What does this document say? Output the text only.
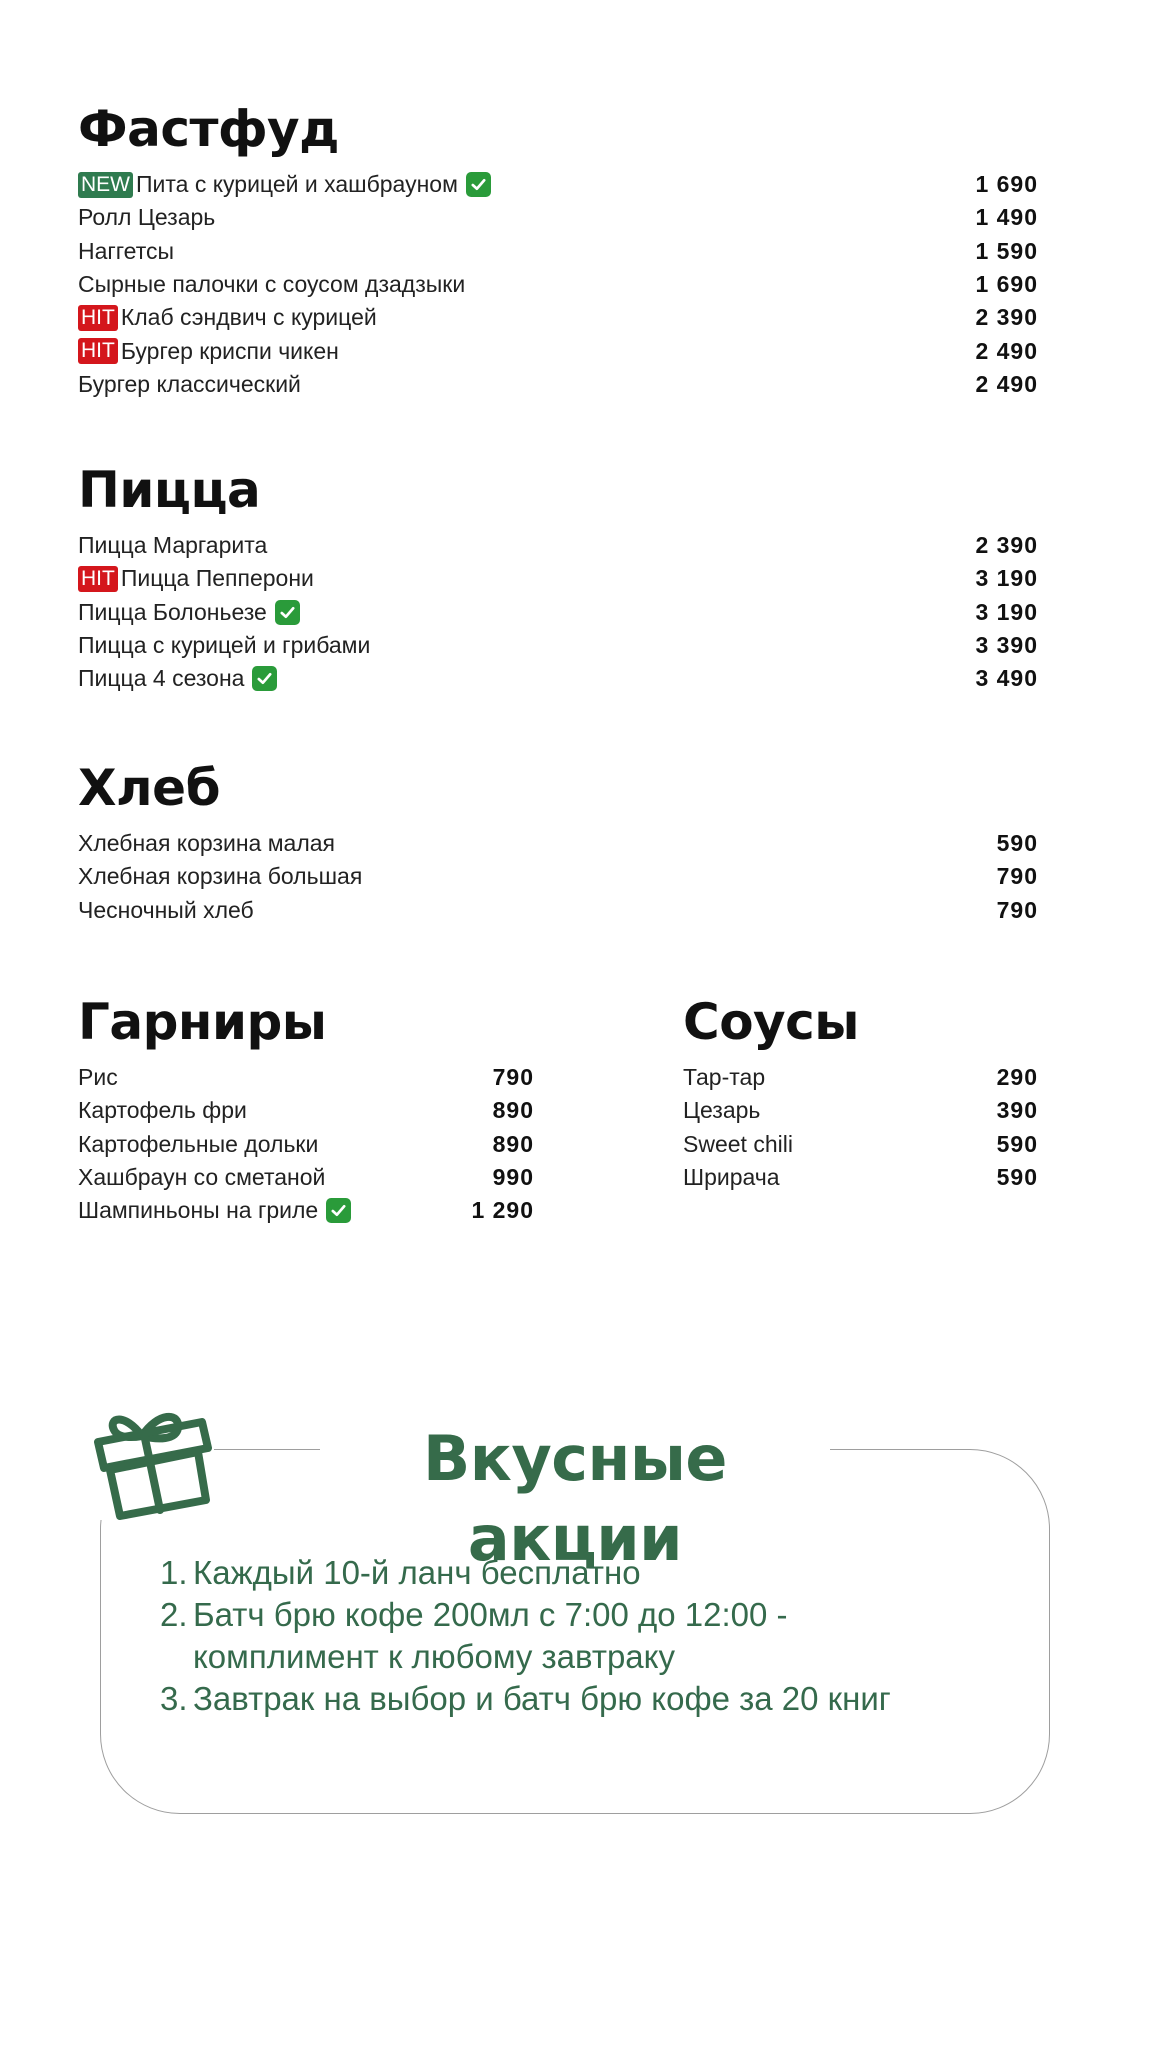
Фастфуд
NEW Пита с курицей и хашбрауном	1 690
Ролл Цезарь	1 490
Наггетсы	1 590
Сырные палочки с соусом дзадзыки	1 690
HIT Клаб сэндвич с курицей	2 390
HIT Бургер криспи чикен	2 490
Бургер классический	2 490
Пицца
Пицца Маргарита	2 390
HIT Пицца Пепперони	3 190
Пицца Болоньезе	3 190
Пицца с курицей и грибами	3 390
Пицца 4 сезона	3 490
Хлеб
Хлебная корзина малая	590
Хлебная корзина большая	790
Чесночный хлеб	790
Гарниры
Рис	790
Картофель фри	890
Картофельные дольки	890
Хашбраун со сметаной	990
Шампиньоны на гриле	1 290
Соусы
Тар-тар	290
Цезарь	390
Sweet chili	590
Шрирача	590
Вкусные акции
1. Каждый 10-й ланч бесплатно
2. Батч брю кофе 200мл с 7:00 до 12:00 - комплимент к любому завтраку
3. Завтрак на выбор и батч брю кофе за 20 книг
